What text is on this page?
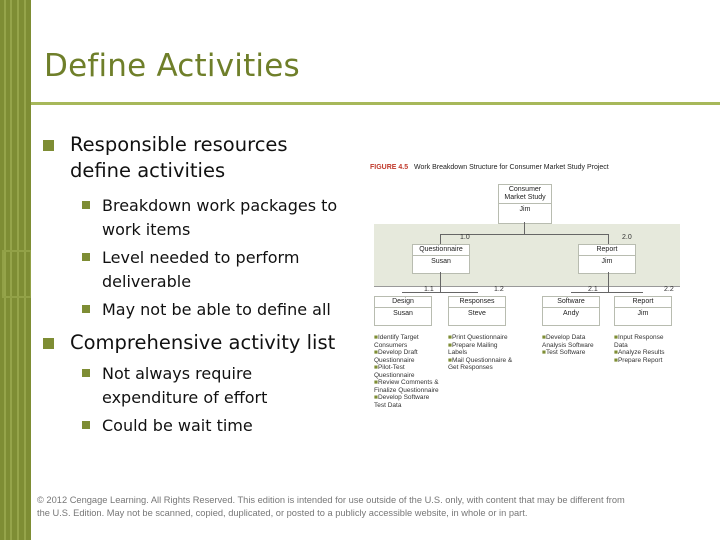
Define Activities
Responsible resources
define activities
Breakdown work packages to
work items
Level needed to perform
deliverable
May not be able to define all
Comprehensive activity list
Not always require
expenditure of effort
Could be wait time
FIGURE 4.5 Work Breakdown Structure for Consumer Market Study Project
Consumer
Market Study
Jim
1.0	2.0
Questionnaire
Susan
Report
Jim
1.1	1.2	2.1	2.2
Design
Susan
Responses
Steve
Software
Andy
Report
Jim
■Identify Target Consumers
■Develop Draft Questionnaire
■Pilot-Test Questionnaire
■Review Comments & Finalize Questionnaire
■Develop Software Test Data
■Print Questionnaire
■Prepare Mailing Labels
■Mail Questionnaire & Get Responses
■Develop Data Analysis Software
■Test Software
■Input Response Data
■Analyze Results
■Prepare Report
© 2012 Cengage Learning. All Rights Reserved. This edition is intended for use outside of the U.S. only, with content that may be different from
the U.S. Edition. May not be scanned, copied, duplicated, or posted to a publicly accessible website, in whole or in part.
